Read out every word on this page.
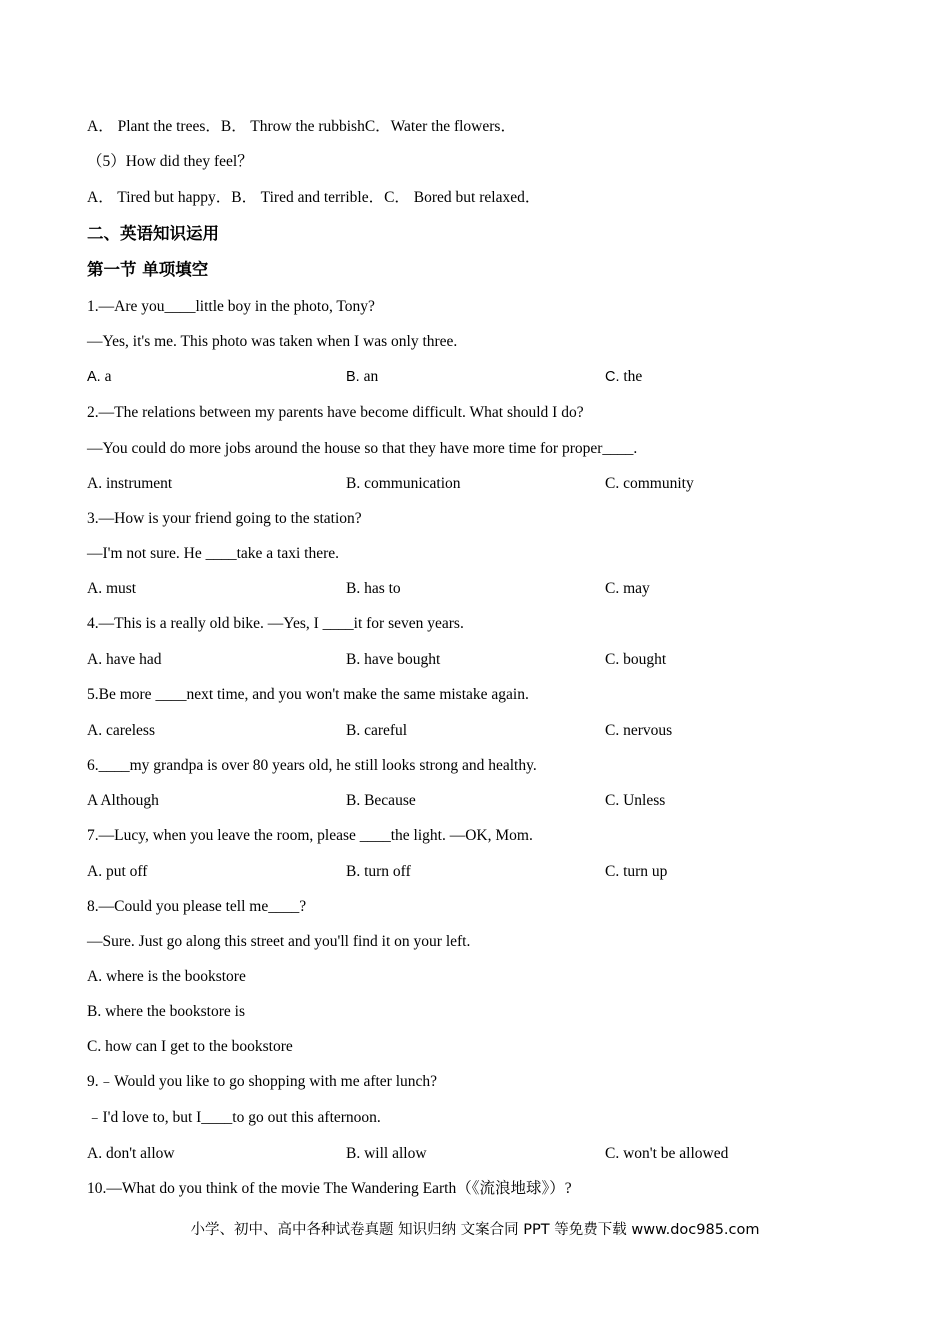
A． Plant the trees．B． Throw the rubbishC．Water the flowers．
（5）How did they feel？
A． Tired but happy．B． Tired and terrible．C． Bored but relaxed．
二、英语知识运用
第一节 单项填空
1.—Are you____little boy in the photo, Tony?
—Yes, it's me. This photo was taken when I was only three.
A. a	B. an	C. the
2.—The relations between my parents have become difficult. What should I do?
—You could do more jobs around the house so that they have more time for proper____.
A. instrument	B. communication	C. community
3.—How is your friend going to the station?
—I'm not sure. He ____take a taxi there.
A. must	B. has to	C. may
4.—This is a really old bike. —Yes, I ____it for seven years.
A. have had	B. have bought	C. bought
5.Be more ____next time, and you won't make the same mistake again.
A. careless	B. careful	C. nervous
6.____my grandpa is over 80 years old, he still looks strong and healthy.
A Although	B. Because	C. Unless
7.—Lucy, when you leave the room, please ____the light. —OK, Mom.
A. put off	B. turn off	C. turn up
8.—Could you please tell me____?
—Sure. Just go along this street and you'll find it on your left.
A. where is the bookstore
B. where the bookstore is
C. how can I get to the bookstore
9.﹣Would you like to go shopping with me after lunch?
﹣I'd love to, but I____to go out this afternoon.
A. don't allow	B. will allow	C. won't be allowed
10.—What do you think of the movie The Wandering Earth（《流浪地球》）?
小学、初中、高中各种试卷真题 知识归纳 文案合同 PPT 等免费下载 www.doc985.com
